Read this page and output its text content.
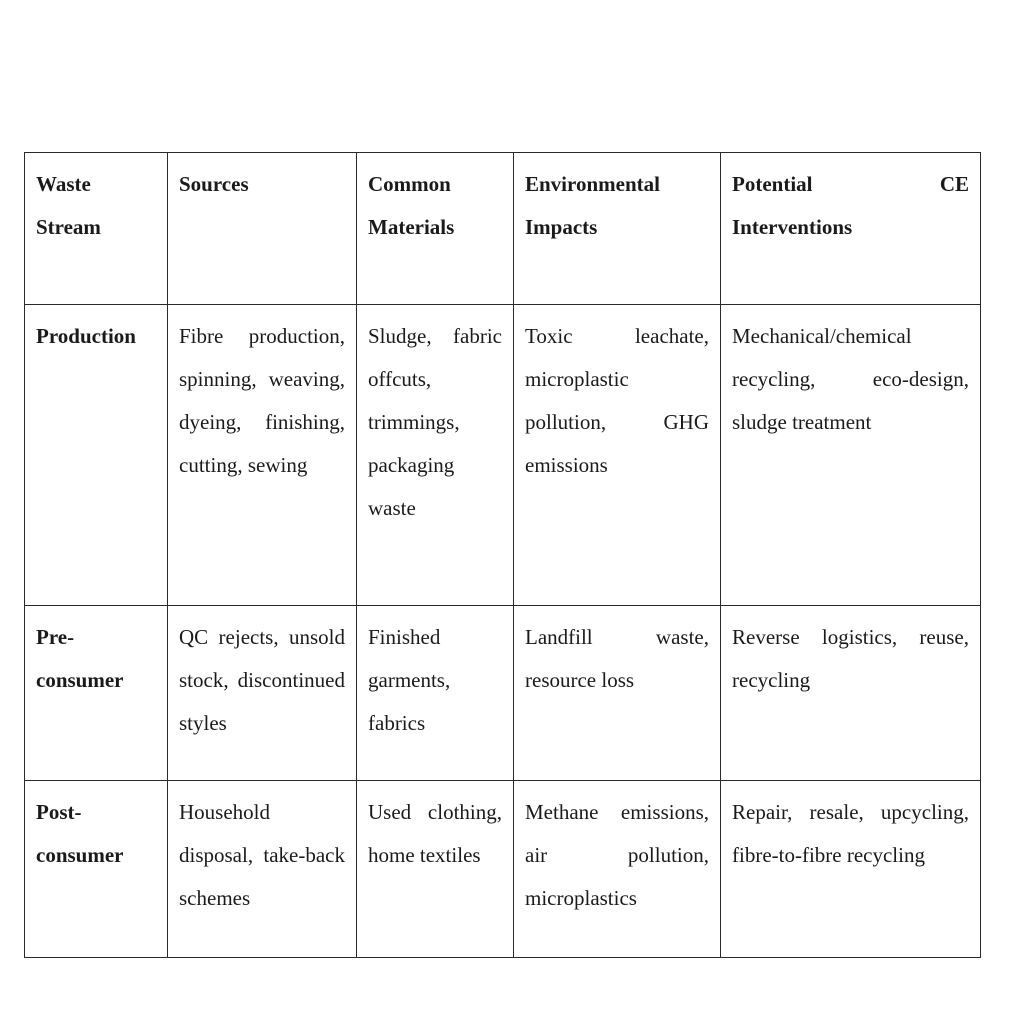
Waste Stream	Sources	Common Materials	Environmental Impacts	Potential CE Interventions
Production	Fibre production, spinning, weaving, dyeing, finishing, cutting, sewing	Sludge, fabric offcuts, trimmings, packaging waste	Toxic leachate, microplastic pollution, GHG emissions	Mechanical/chemical recycling, eco-design, sludge treatment
Pre-consumer	QC rejects, unsold stock, discontinued styles	Finished garments, fabrics	Landfill waste, resource loss	Reverse logistics, reuse, recycling
Post-consumer	Household disposal, take-back schemes	Used clothing, home textiles	Methane emissions, air pollution, microplastics	Repair, resale, upcycling, fibre-to-fibre recycling
